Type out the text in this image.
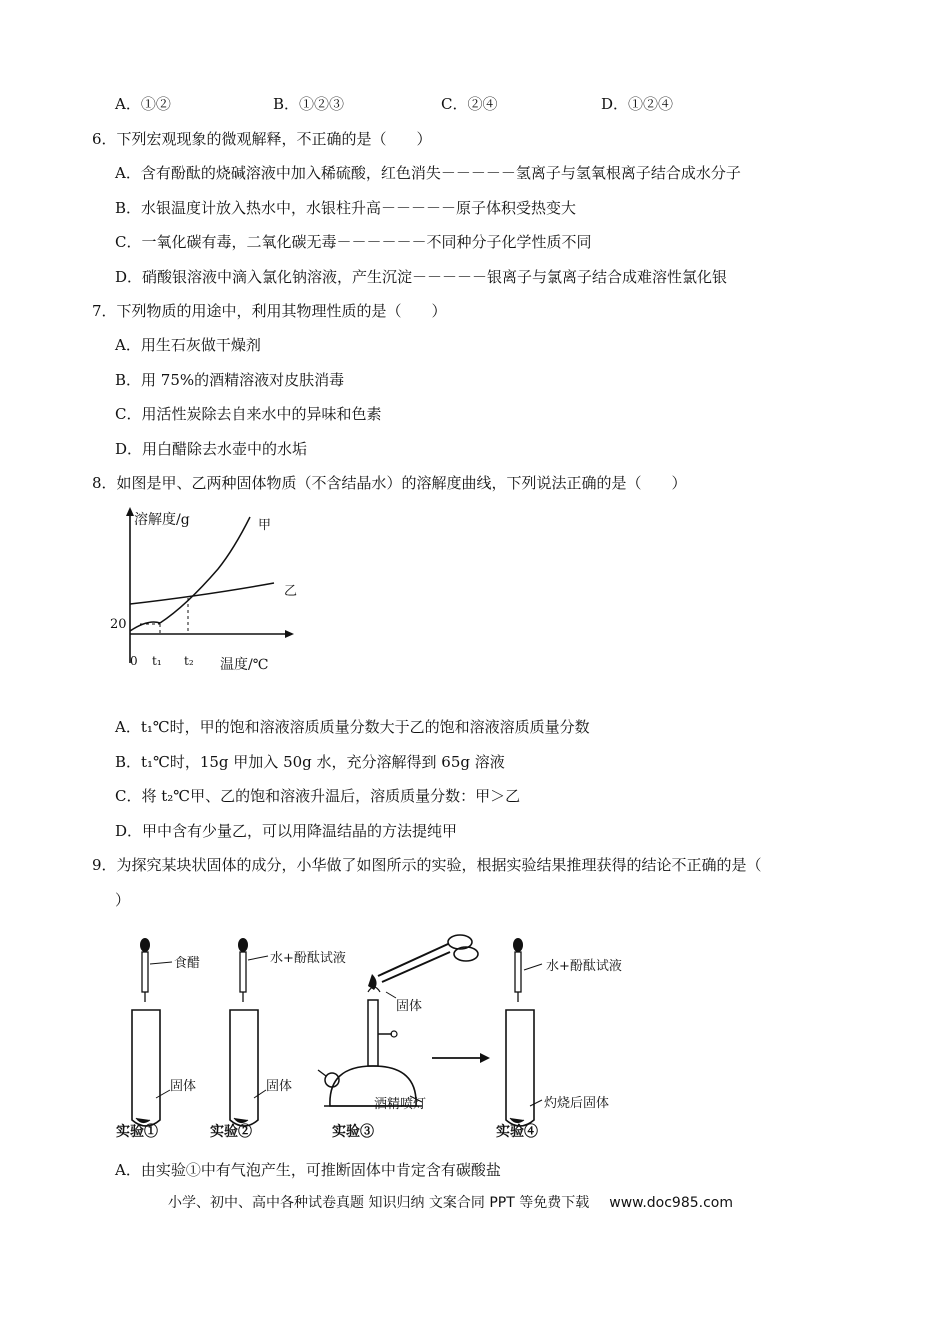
A．①②	B．①②③	C．②④	D．①②④
6．下列宏观现象的微观解释，不正确的是（　　）
A．含有酚酞的烧碱溶液中加入稀硫酸，红色消失－－－－－氢离子与氢氧根离子结合成水分子
B．水银温度计放入热水中，水银柱升高－－－－－原子体积受热变大
C．一氧化碳有毒，二氧化碳无毒－－－－－－不同种分子化学性质不同
D．硝酸银溶液中滴入氯化钠溶液，产生沉淀－－－－－银离子与氯离子结合成难溶性氯化银
7．下列物质的用途中，利用其物理性质的是（　　）
A．用生石灰做干燥剂
B．用 75%的酒精溶液对皮肤消毒
C．用活性炭除去自来水中的异味和色素
D．用白醋除去水壶中的水垢
8．如图是甲、乙两种固体物质（不含结晶水）的溶解度曲线，下列说法正确的是（　　）
溶解度/g	甲
乙
20
0 t₁ t₂ 温度/℃
A．t₁℃时，甲的饱和溶液溶质质量分数大于乙的饱和溶液溶质质量分数
B．t₁℃时，15g 甲加入 50g 水，充分溶解得到 65g 溶液
C．将 t₂℃甲、乙的饱和溶液升温后，溶质质量分数：甲＞乙
D．甲中含有少量乙，可以用降温结晶的方法提纯甲
9．为探究某块状固体的成分，小华做了如图所示的实验，根据实验结果推理获得的结论不正确的是（
）
食醋
固体
实验①
水+酚酞试液
固体
实验②
固体
酒精喷灯
实验③
水+酚酞试液
灼烧后固体
实验④
A．由实验①中有气泡产生，可推断固体中肯定含有碳酸盐
小学、初中、高中各种试卷真题 知识归纳 文案合同 PPT 等免费下载 www.doc985.com
